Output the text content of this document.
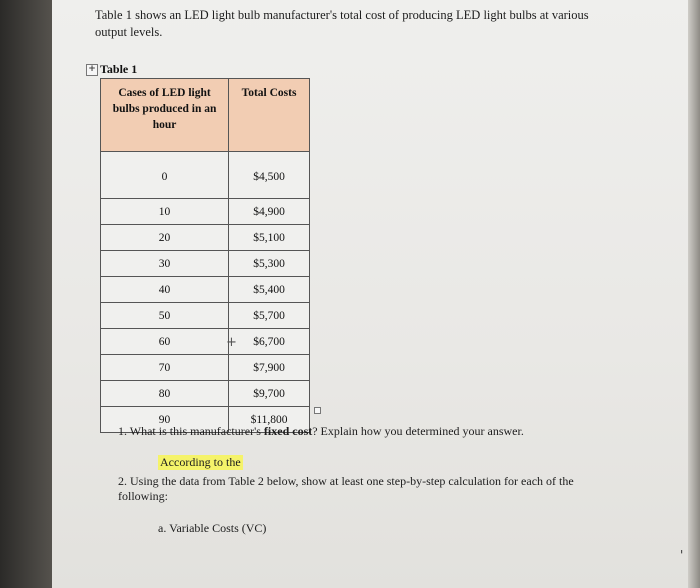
Table 1 shows an LED light bulb manufacturer's total cost of producing LED light bulbs at various output levels.
+ Table 1
Cases of LED light bulbs produced in an hour	Total Costs
0	$4,500
10	$4,900
20	$5,100
30	$5,300
40	$5,400
50	$5,700
60	$6,700
70	$7,900
80	$9,700
90	$11,800
+
1. What is this manufacturer's fixed cost? Explain how you determined your answer.
According to the
2. Using the data from Table 2 below, show at least one step-by-step calculation for each of the following:
a. Variable Costs (VC)
'
